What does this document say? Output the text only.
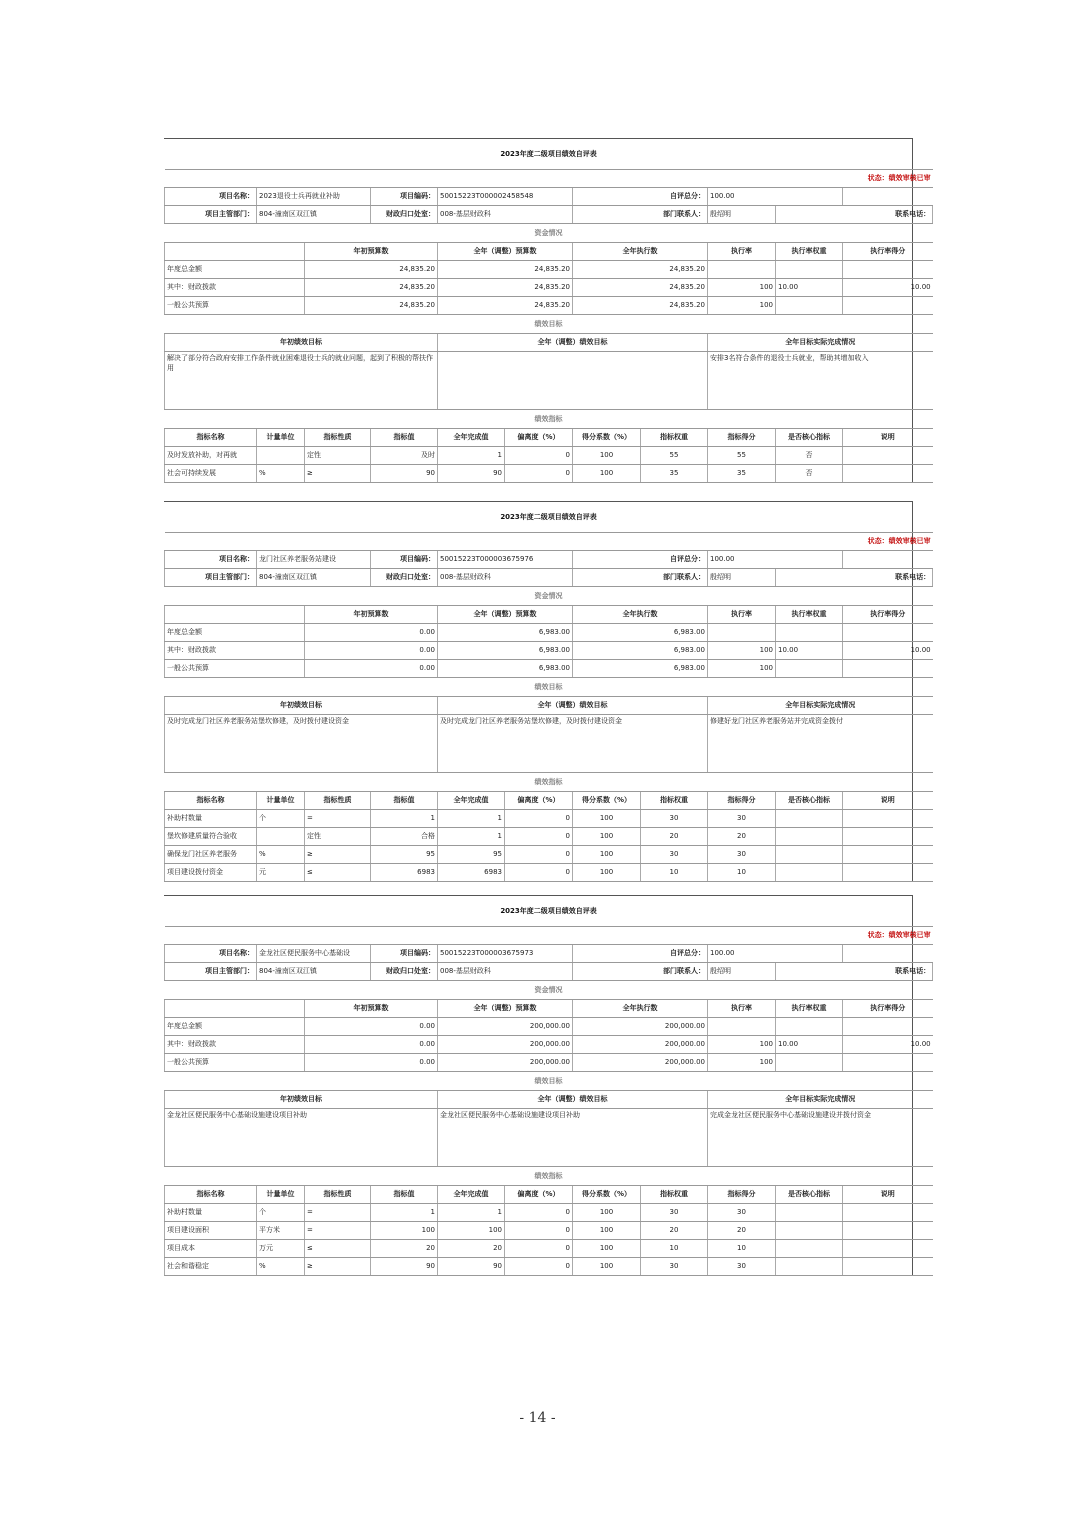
2023年度二级项目绩效自评表											
状态：绩效审核已审											
项目名称：	2023退役士兵再就业补助		项目编码：	50015223T000002458548		自评总分：		100.00			
项目主管部门：	804-潼南区双江镇		财政归口处室：	008-基层财政科		部门联系人：		殷绍明	联系电话：	
资金情况											
		年初预算数		全年（调整）预算数		全年执行数		执行率	执行率权重	执行率得分	
年度总金额		24,835.20		24,835.20		24,835.20					
其中：财政拨款		24,835.20		24,835.20		24,835.20		100	10.00	10.00	
一般公共预算		24,835.20		24,835.20		24,835.20		100			
绩效目标											
年初绩效目标				全年（调整）绩效目标				全年目标实际完成情况			
解决了部分符合政府安排工作条件就业困难退役士兵的就业问题，起到了积极的帮扶作用								安排3名符合条件的退役士兵就业，帮助其增加收入			
绩效指标											
指标名称	计量单位	指标性质	指标值	全年完成值	偏离度（%）	得分系数（%）	指标权重	指标得分	是否核心指标	说明	
及时发放补助，对再就		定性	及时	1	0	100	55	55	否		
社会可持续发展	%	≥	90	90	0	100	35	35	否		
2023年度二级项目绩效自评表											
状态：绩效审核已审											
项目名称：	龙门社区养老服务站建设		项目编码：	50015223T000003675976		自评总分：		100.00			
项目主管部门：	804-潼南区双江镇		财政归口处室：	008-基层财政科		部门联系人：		殷绍明	联系电话：	
资金情况											
		年初预算数		全年（调整）预算数		全年执行数		执行率	执行率权重	执行率得分	
年度总金额		0.00		6,983.00		6,983.00					
其中：财政拨款		0.00		6,983.00		6,983.00		100	10.00	10.00	
一般公共预算		0.00		6,983.00		6,983.00		100			
绩效目标											
年初绩效目标				全年（调整）绩效目标				全年目标实际完成情况			
及时完成龙门社区养老服务站堡坎修建，及时拨付建设资金				及时完成龙门社区养老服务站堡坎修建，及时拨付建设资金				修建好龙门社区养老服务站并完成资金拨付			
绩效指标											
指标名称	计量单位	指标性质	指标值	全年完成值	偏离度（%）	得分系数（%）	指标权重	指标得分	是否核心指标	说明	
补助村数量	个	=	1	1	0	100	30	30			
堡坎修建质量符合验收		定性	合格	1	0	100	20	20			
确保龙门社区养老服务	%	≥	95	95	0	100	30	30			
项目建设拨付资金	元	≤	6983	6983	0	100	10	10			
2023年度二级项目绩效自评表											
状态：绩效审核已审											
项目名称：	金龙社区便民服务中心基础设		项目编码：	50015223T000003675973		自评总分：		100.00			
项目主管部门：	804-潼南区双江镇		财政归口处室：	008-基层财政科		部门联系人：		殷绍明	联系电话：	
资金情况											
		年初预算数		全年（调整）预算数		全年执行数		执行率	执行率权重	执行率得分	
年度总金额		0.00		200,000.00		200,000.00					
其中：财政拨款		0.00		200,000.00		200,000.00		100	10.00	10.00	
一般公共预算		0.00		200,000.00		200,000.00		100			
绩效目标											
年初绩效目标				全年（调整）绩效目标				全年目标实际完成情况			
金龙社区便民服务中心基础设施建设项目补助				金龙社区便民服务中心基础设施建设项目补助				完成金龙社区便民服务中心基础设施建设并拨付资金			
绩效指标											
指标名称	计量单位	指标性质	指标值	全年完成值	偏离度（%）	得分系数（%）	指标权重	指标得分	是否核心指标	说明	
补助村数量	个	=	1	1	0	100	30	30			
项目建设面积	平方米	=	100	100	0	100	20	20			
项目成本	万元	≤	20	20	0	100	10	10			
社会和谐稳定	%	≥	90	90	0	100	30	30			
- 14 -
